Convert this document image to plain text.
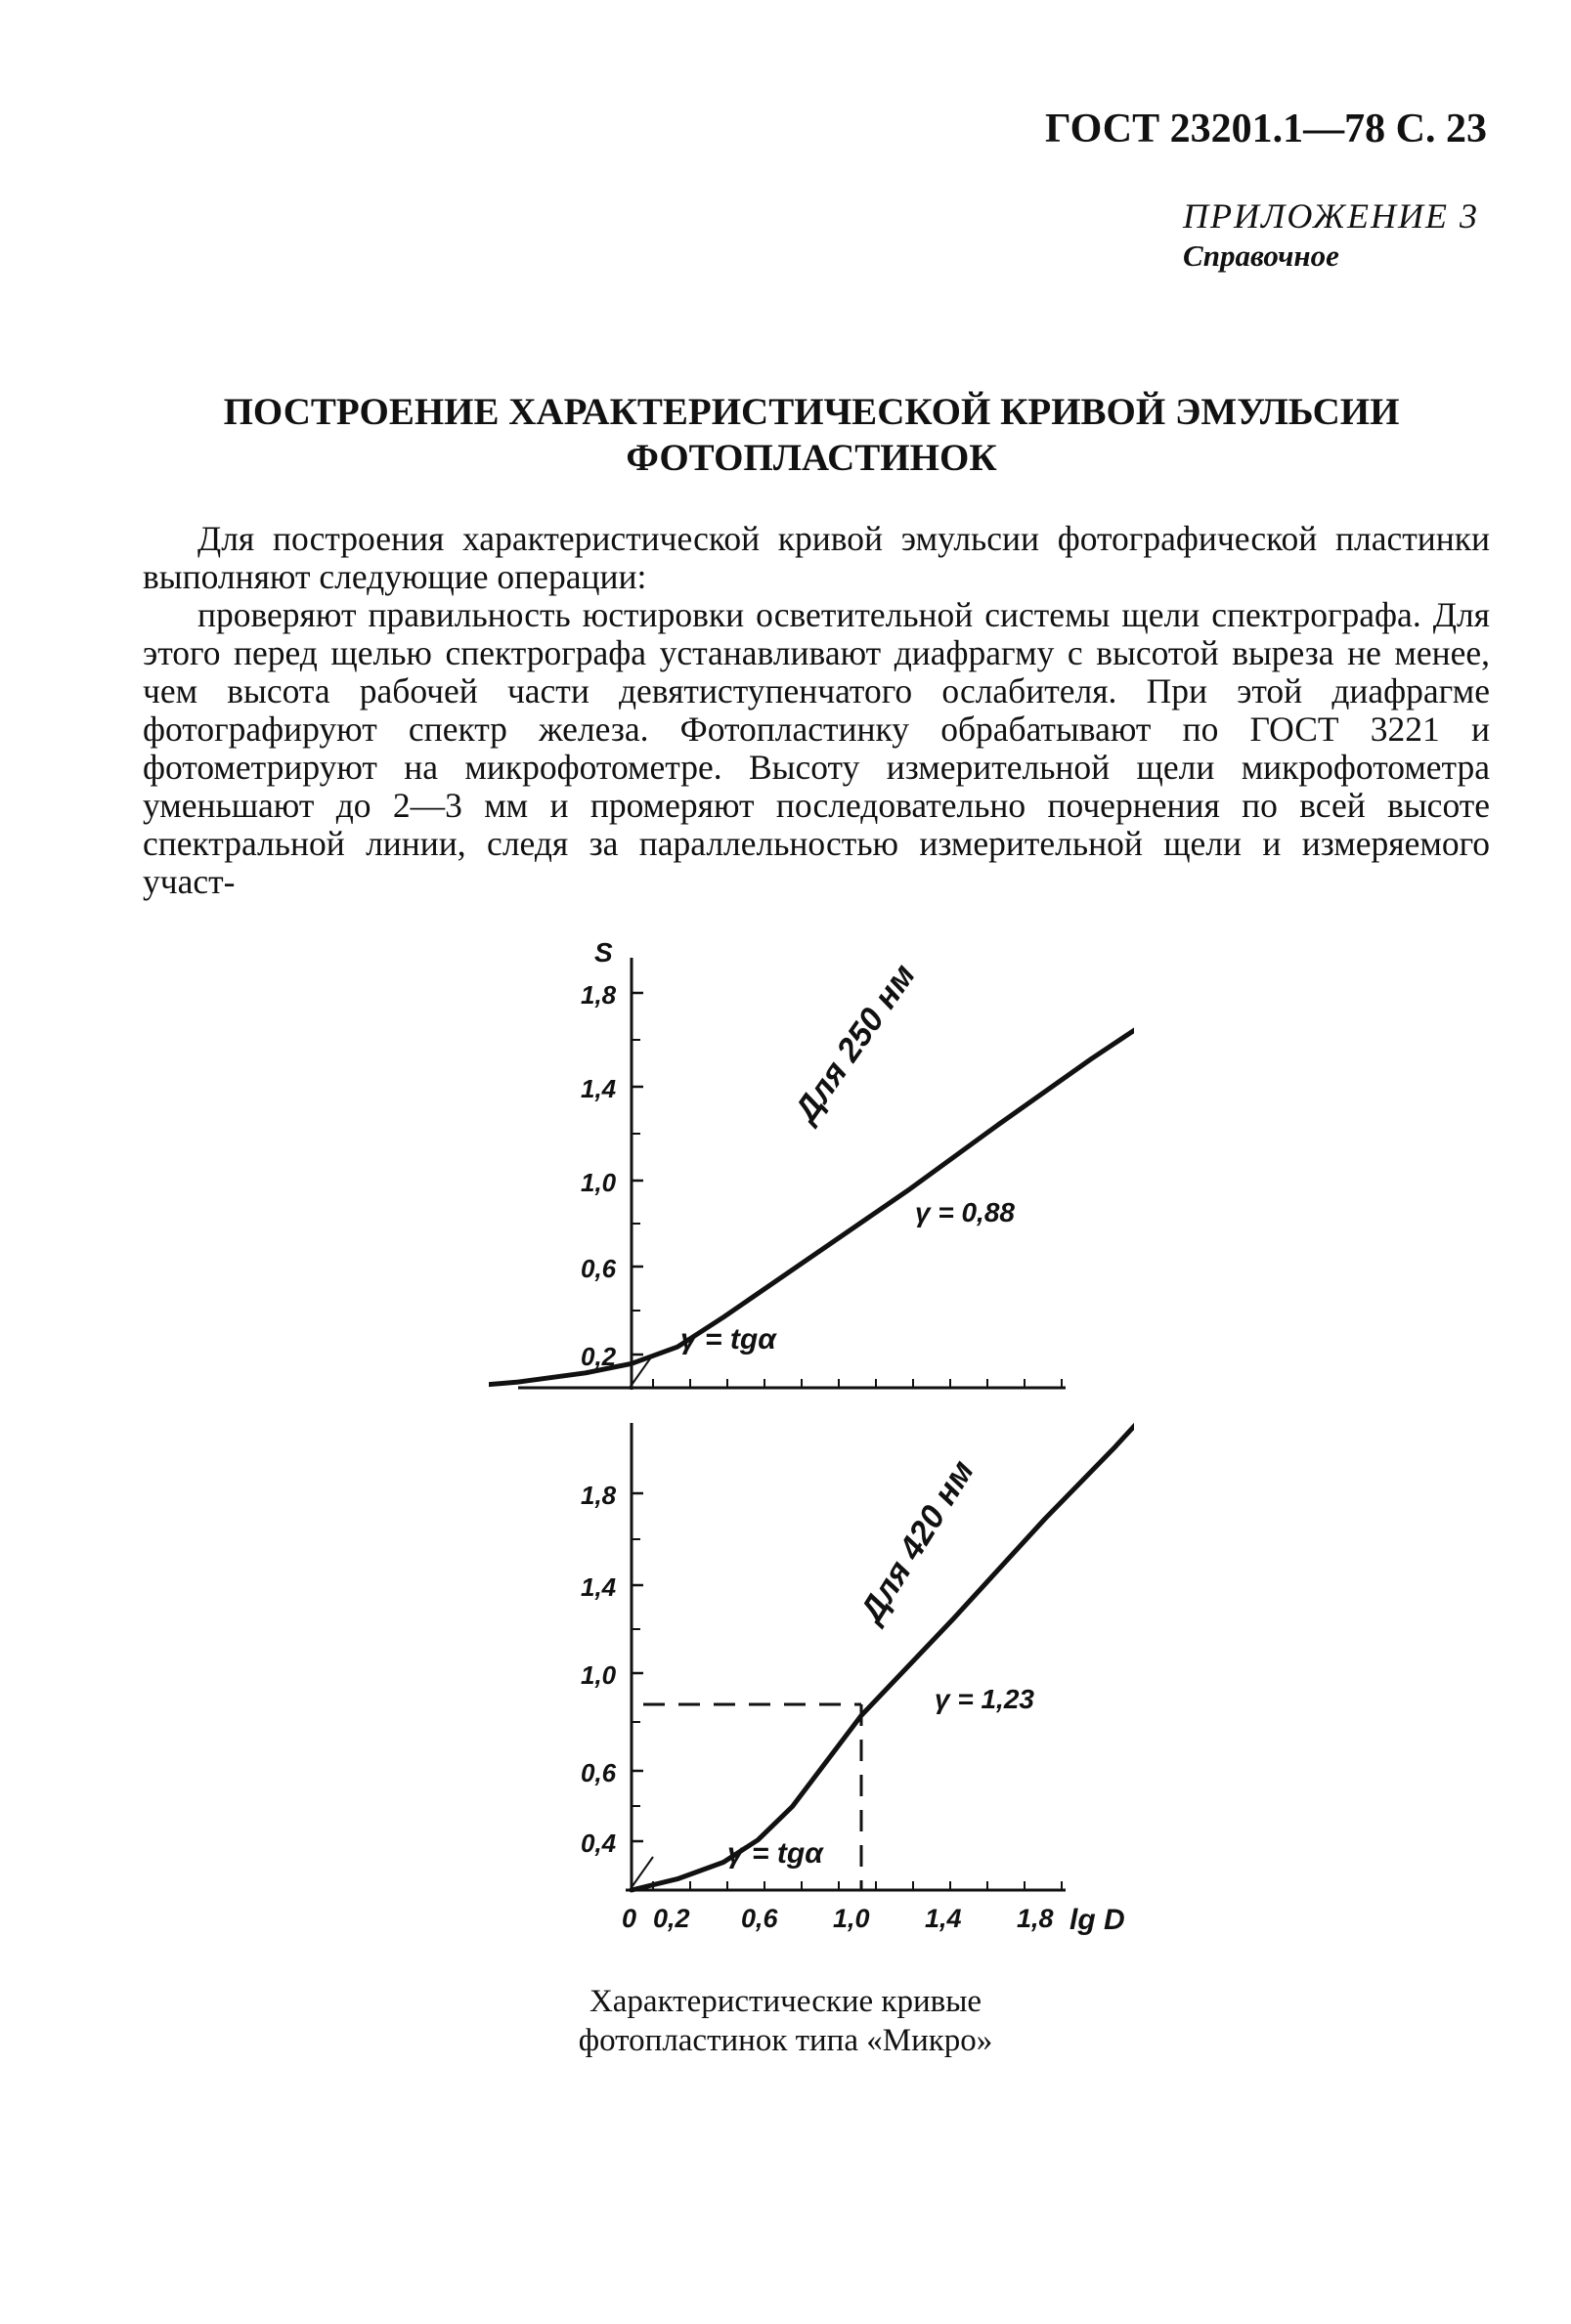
ГОСТ 23201.1—78 С. 23
ПРИЛОЖЕНИЕ 3
Справочное
ПОСТРОЕНИЕ ХАРАКТЕРИСТИЧЕСКОЙ КРИВОЙ ЭМУЛЬСИИ
ФОТОПЛАСТИНОК

Для построения характеристической кривой эмульсии фотографической пластинки выполняют следующие операции:

проверяют правильность юстировки осветительной системы щели спектрографа. Для этого перед щелью спектрографа устанавливают диафрагму с высотой выреза не менее, чем высота рабочей части девятиступенчатого ослабителя. При этой диафрагме фотографируют спектр железа. Фотопластинку обрабатывают по ГОСТ 3221 и фотометрируют на микрофотометре. Высоту измерительной щели микрофотометра уменьшают до 2—3 мм и промеряют последовательно почернения по всей высоте спектральной линии, следя за параллельностью измерительной щели и измеряемого участ-

1,8
1,4
1,0
0,6
0,2
1,8
1,4
1,0
0,6
0,4
S
Для 250 нм
γ = 0,88
γ = tgα
Для 420 нм
γ = 1,23
γ = tgα
0 0,2 0,6 1,0 1,4 1,8 lg D
Характеристические кривые
фотопластинок типа «Микро»
